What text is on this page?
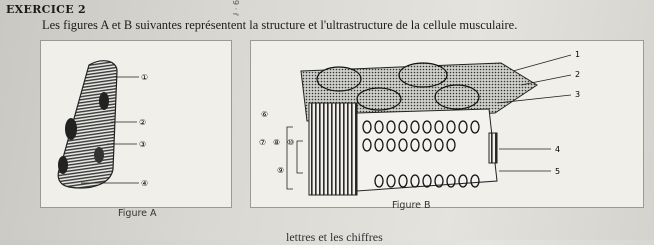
EXERCICE 2	9 · ṙ
Les figures A et B suivantes représentent la structure et l'ultrastructure de la cellule musculaire.
①
②
③
④
Figure A
⑥
⑦ ⑧ ⑩
⑨
1
2
3
4
5
Figure B
lettres et les chiffres
